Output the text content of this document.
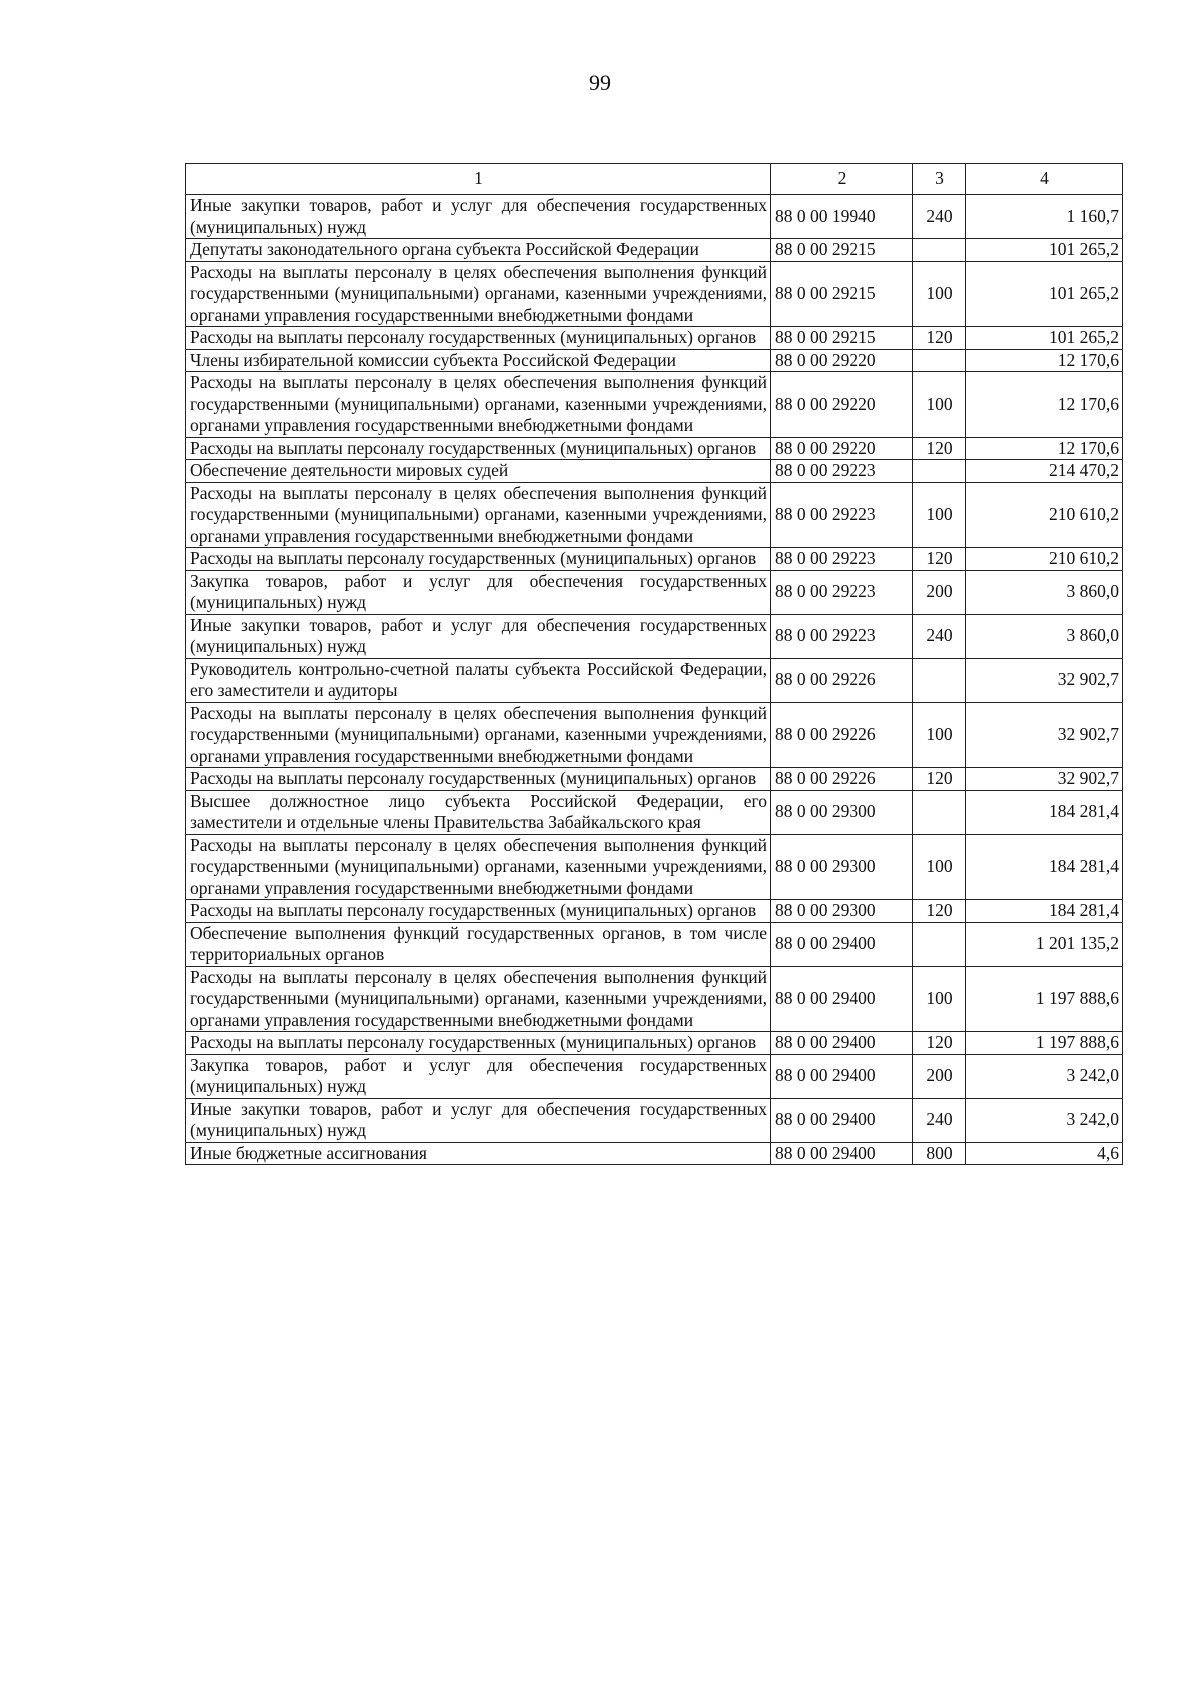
99
1	2	3	4
Иные закупки товаров, работ и услуг для обеспечения государственных (муниципальных) нужд	88 0 00 19940	240	1 160,7
Депутаты законодательного органа субъекта Российской Федерации	88 0 00 29215		101 265,2
Расходы на выплаты персоналу в целях обеспечения выполнения функций государственными (муниципальными) органами, казенными учреждениями, органами управления государственными внебюджетными фондами	88 0 00 29215	100	101 265,2
Расходы на выплаты персоналу государственных (муниципальных) органов	88 0 00 29215	120	101 265,2
Члены избирательной комиссии субъекта Российской Федерации	88 0 00 29220		12 170,6
Расходы на выплаты персоналу в целях обеспечения выполнения функций государственными (муниципальными) органами, казенными учреждениями, органами управления государственными внебюджетными фондами	88 0 00 29220	100	12 170,6
Расходы на выплаты персоналу государственных (муниципальных) органов	88 0 00 29220	120	12 170,6
Обеспечение деятельности мировых судей	88 0 00 29223		214 470,2
Расходы на выплаты персоналу в целях обеспечения выполнения функций государственными (муниципальными) органами, казенными учреждениями, органами управления государственными внебюджетными фондами	88 0 00 29223	100	210 610,2
Расходы на выплаты персоналу государственных (муниципальных) органов	88 0 00 29223	120	210 610,2
Закупка товаров, работ и услуг для обеспечения государственных (муниципальных) нужд	88 0 00 29223	200	3 860,0
Иные закупки товаров, работ и услуг для обеспечения государственных (муниципальных) нужд	88 0 00 29223	240	3 860,0
Руководитель контрольно-счетной палаты субъекта Российской Федерации, его заместители и аудиторы	88 0 00 29226		32 902,7
Расходы на выплаты персоналу в целях обеспечения выполнения функций государственными (муниципальными) органами, казенными учреждениями, органами управления государственными внебюджетными фондами	88 0 00 29226	100	32 902,7
Расходы на выплаты персоналу государственных (муниципальных) органов	88 0 00 29226	120	32 902,7
Высшее должностное лицо субъекта Российской Федерации, его заместители и отдельные члены Правительства Забайкальского края	88 0 00 29300		184 281,4
Расходы на выплаты персоналу в целях обеспечения выполнения функций государственными (муниципальными) органами, казенными учреждениями, органами управления государственными внебюджетными фондами	88 0 00 29300	100	184 281,4
Расходы на выплаты персоналу государственных (муниципальных) органов	88 0 00 29300	120	184 281,4
Обеспечение выполнения функций государственных органов, в том числе территориальных органов	88 0 00 29400		1 201 135,2
Расходы на выплаты персоналу в целях обеспечения выполнения функций государственными (муниципальными) органами, казенными учреждениями, органами управления государственными внебюджетными фондами	88 0 00 29400	100	1 197 888,6
Расходы на выплаты персоналу государственных (муниципальных) органов	88 0 00 29400	120	1 197 888,6
Закупка товаров, работ и услуг для обеспечения государственных (муниципальных) нужд	88 0 00 29400	200	3 242,0
Иные закупки товаров, работ и услуг для обеспечения государственных (муниципальных) нужд	88 0 00 29400	240	3 242,0
Иные бюджетные ассигнования	88 0 00 29400	800	4,6
